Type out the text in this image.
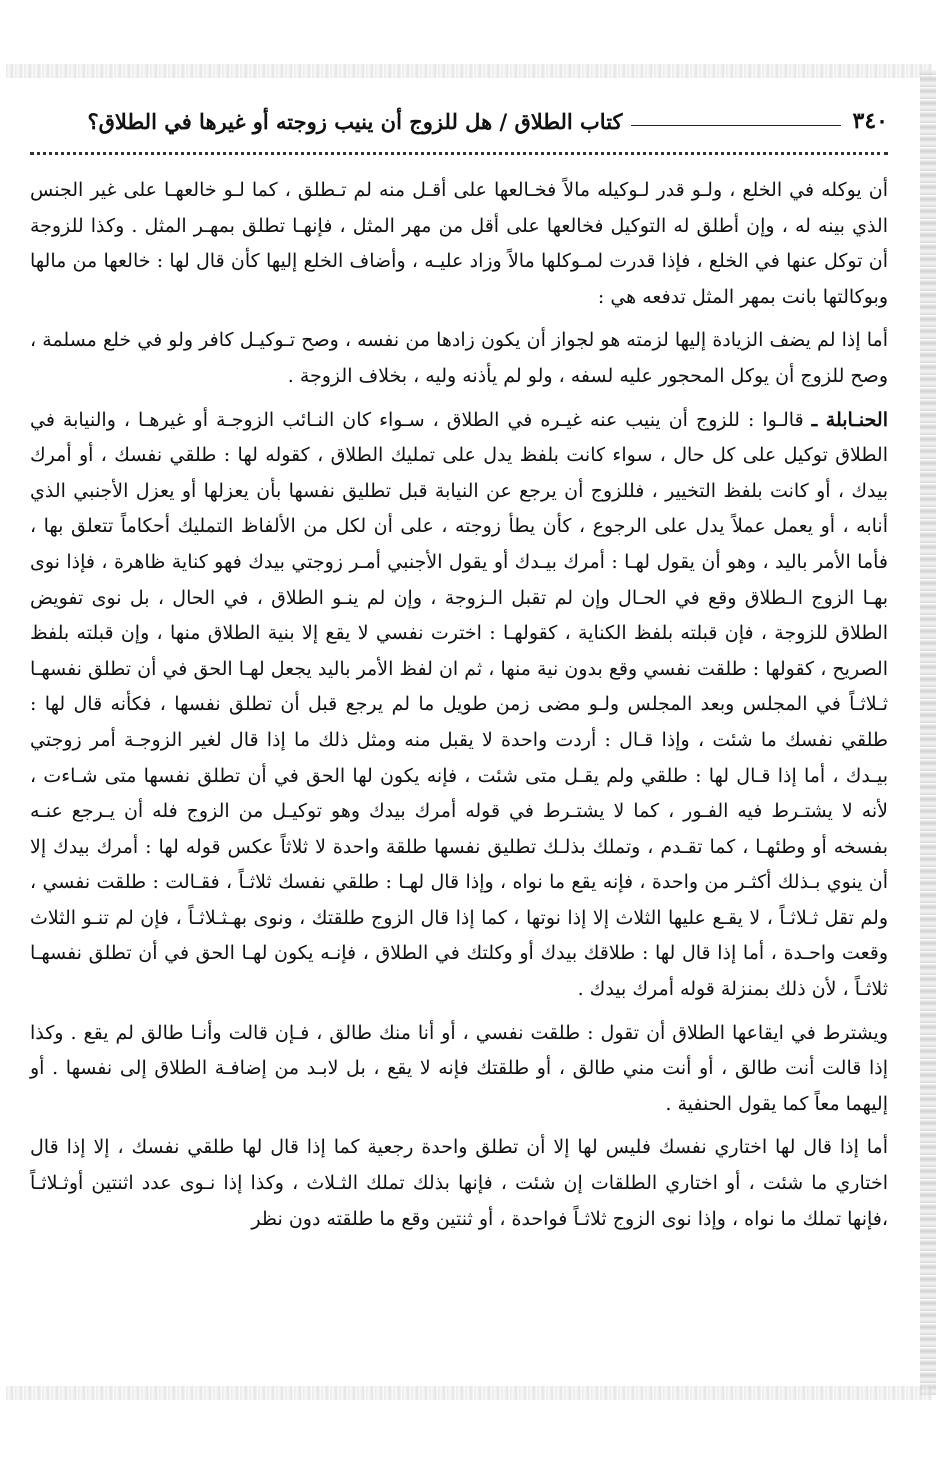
كتاب الطلاق / هل للزوج أن ينيب زوجته أو غيرها في الطلاق؟	٣٤٠

أن يوكله في الخلع ، ولـو قدر لـوكيله مالاً فخـالعها على أقـل منه لم تـطلق ، كما لـو خالعهـا على غير الجنس الذي بينه له ، وإن أطلق له التوكيل فخالعها على أقل من مهر المثل ، فإنهـا تطلق بمهـر المثل . وكذا للزوجة أن توكل عنها في الخلع ، فإذا قدرت لمـوكلها مالاً وزاد عليـه ، وأضاف الخلع إليها كأن قال لها : خالعها من مالها وبوكالتها بانت بمهر المثل تدفعه هي :

أما إذا لم يضف الزيادة إليها لزمته هو لجواز أن يكون زادها من نفسه ، وصح تـوكيـل كافر ولو في خلع مسلمة ، وصح للزوج أن يوكل المحجور عليه لسفه ، ولو لم يأذنه وليه ، بخلاف الزوجة .

الحنـابلة ـ قالـوا : للزوج أن ينيب عنه غيـره في الطلاق ، سـواء كان النـائب الزوجـة أو غيرهـا ، والنيابة في الطلاق توكيل على كل حال ، سواء كانت بلفظ يدل على تمليك الطلاق ، كقوله لها : طلقي نفسك ، أو أمرك بيدك ، أو كانت بلفظ التخيير ، فللزوج أن يرجع عن النيابة قبل تطليق نفسها بأن يعزلها أو يعزل الأجنبي الذي أنابه ، أو يعمل عملاً يدل على الرجوع ، كأن يطأ زوجته ، على أن لكل من الألفاظ التمليك أحكاماً تتعلق بها ، فأما الأمر باليد ، وهو أن يقول لهـا : أمرك بيـدك أو يقول الأجنبي أمـر زوجتي بيدك فهو كناية ظاهرة ، فإذا نوى بهـا الزوج الـطلاق وقع في الحـال وإن لم تقبل الـزوجة ، وإن لم ينـو الطلاق ، في الحال ، بل نوى تفويض الطلاق للزوجة ، فإن قبلته بلفظ الكناية ، كقولهـا : اخترت نفسي لا يقع إلا بنية الطلاق منها ، وإن قبلته بلفظ الصريح ، كقولها : طلقت نفسي وقع بدون نية منها ، ثم ان لفظ الأمر باليد يجعل لهـا الحق في أن تطلق نفسهـا ثـلاثـاً في المجلس وبعد المجلس ولـو مضى زمن طويل ما لم يرجع قبل أن تطلق نفسها ، فكأنه قال لها : طلقي نفسك ما شئت ، وإذا قـال : أردت واحدة لا يقبل منه ومثل ذلك ما إذا قال لغير الزوجـة أمر زوجتي بيـدك ، أما إذا قـال لها : طلقي ولم يقـل متى شئت ، فإنه يكون لها الحق في أن تطلق نفسها متى شـاءت ، لأنه لا يشتـرط فيه الفـور ، كما لا يشتـرط في قوله أمرك بيدك وهو توكيـل من الزوج فله أن يـرجع عنـه بفسخه أو وطئهـا ، كما تقـدم ، وتملك بذلـك تطليق نفسها طلقة واحدة لا ثلاثاً عكس قوله لها : أمرك بيدك إلا أن ينوي بـذلك أكثـر من واحدة ، فإنه يقع ما نواه ، وإذا قال لهـا : طلقي نفسك ثلاثـاً ، فقـالت : طلقت نفسي ، ولم تقل ثـلاثـاً ، لا يقـع عليها الثلاث إلا إذا نوتها ، كما إذا قال الزوج طلقتك ، ونوى بهـثـلاثـاً ، فإن لم تنـو الثلاث وقعت واحـدة ، أما إذا قال لها : طلاقك بيدك أو وكلتك في الطلاق ، فإنـه يكون لهـا الحق في أن تطلق نفسهـا ثلاثـاً ، لأن ذلك بمنزلة قوله أمرك بيدك .

ويشترط في ايقاعها الطلاق أن تقول : طلقت نفسي ، أو أنا منك طالق ، فـإن قالت وأنـا طالق لم يقع . وكذا إذا قالت أنت طالق ، أو أنت مني طالق ، أو طلقتك فإنه لا يقع ، بل لابـد من إضافـة الطلاق إلى نفسها . أو إليهما معاً كما يقول الحنفية .

أما إذا قال لها اختاري نفسك فليس لها إلا أن تطلق واحدة رجعية كما إذا قال لها طلقي نفسك ، إلا إذا قال اختاري ما شئت ، أو اختاري الطلقات إن شئت ، فإنها بذلك تملك الثـلاث ، وكذا إذا نـوى عدد اثنتين أوثـلاثـاً ،فإنها تملك ما نواه ، وإذا نوى الزوج ثلاثـاً فواحدة ، أو ثنتين وقع ما طلقته دون نظر
